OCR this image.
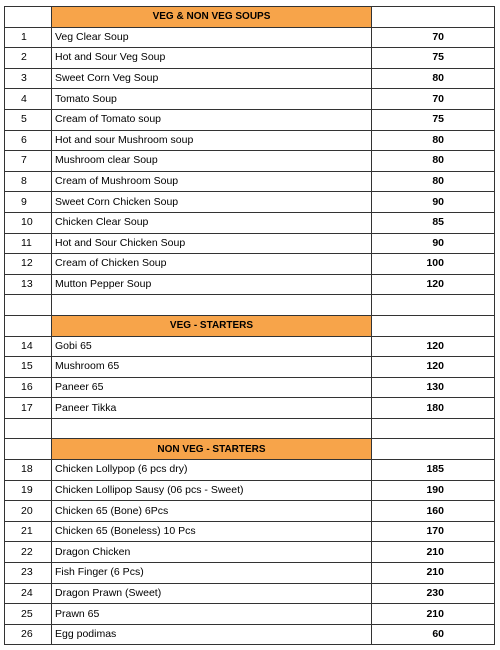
	VEG & NON VEG SOUPS	
1	Veg Clear Soup	70
2	Hot and Sour Veg Soup	75
3	Sweet Corn Veg Soup	80
4	Tomato Soup	70
5	Cream of Tomato soup	75
6	Hot and sour Mushroom soup	80
7	Mushroom clear Soup	80
8	Cream of Mushroom Soup	80
9	Sweet Corn Chicken Soup	90
10	Chicken Clear Soup	85
11	Hot and Sour Chicken Soup	90
12	Cream of Chicken Soup	100
13	Mutton Pepper Soup	120

	VEG - STARTERS	
14	Gobi 65	120
15	Mushroom 65	120
16	Paneer 65	130
17	Paneer Tikka	180

	NON VEG - STARTERS	
18	Chicken Lollypop (6 pcs dry)	185
19	Chicken Lollipop Sausy (06 pcs - Sweet)	190
20	Chicken 65 (Bone) 6Pcs	160
21	Chicken 65 (Boneless) 10 Pcs	170
22	Dragon Chicken	210
23	Fish Finger (6 Pcs)	210
24	Dragon Prawn (Sweet)	230
25	Prawn 65	210
26	Egg podimas	60
